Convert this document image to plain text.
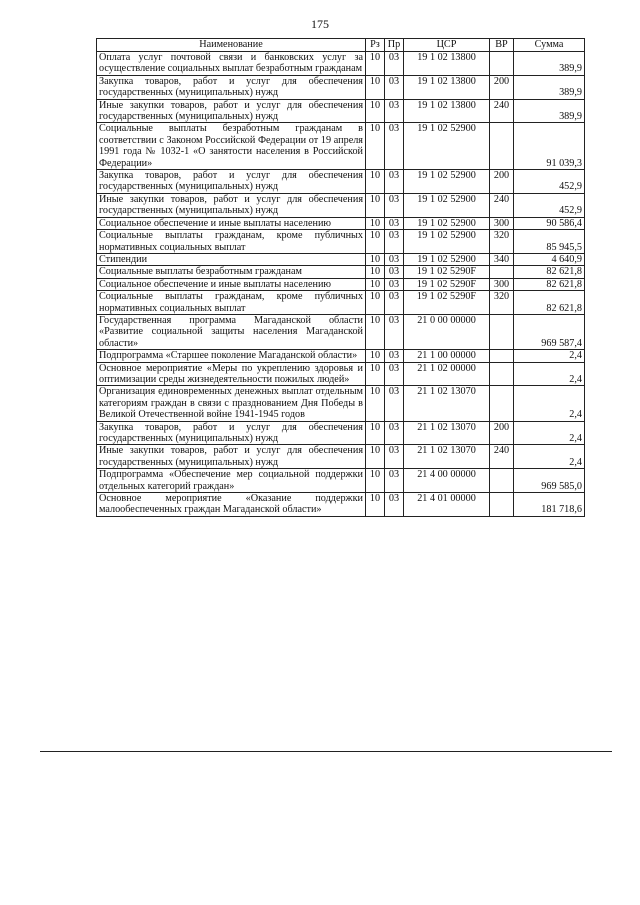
175
Наименование	Рз	Пр	ЦСР	ВР	Сумма
Оплата услуг почтовой связи и банковских услуг за осуществление социальных выплат безработным гражданам	10	03	19 1 02 13800		389,9
Закупка товаров, работ и услуг для обеспечения государственных (муниципальных) нужд	10	03	19 1 02 13800	200	389,9
Иные закупки товаров, работ и услуг для обеспечения государственных (муниципальных) нужд	10	03	19 1 02 13800	240	389,9
Социальные выплаты безработным гражданам в соответствии с Законом Российской Федерации от 19 апреля 1991 года № 1032-1 «О занятости населения в Российской Федерации»	10	03	19 1 02 52900		91 039,3
Закупка товаров, работ и услуг для обеспечения государственных (муниципальных) нужд	10	03	19 1 02 52900	200	452,9
Иные закупки товаров, работ и услуг для обеспечения государственных (муниципальных) нужд	10	03	19 1 02 52900	240	452,9
Социальное обеспечение и иные выплаты населению	10	03	19 1 02 52900	300	90 586,4
Социальные выплаты гражданам, кроме публичных нормативных социальных выплат	10	03	19 1 02 52900	320	85 945,5
Стипендии	10	03	19 1 02 52900	340	4 640,9
Социальные выплаты безработным гражданам	10	03	19 1 02 5290F		82 621,8
Социальное обеспечение и иные выплаты населению	10	03	19 1 02 5290F	300	82 621,8
Социальные выплаты гражданам, кроме публичных нормативных социальных выплат	10	03	19 1 02 5290F	320	82 621,8
Государственная программа Магаданской области «Развитие социальной защиты населения Магаданской области»	10	03	21 0 00 00000		969 587,4
Подпрограмма «Старшее поколение Магаданской области»	10	03	21 1 00 00000		2,4
Основное мероприятие «Меры по укреплению здоровья и оптимизации среды жизнедеятельности пожилых людей»	10	03	21 1 02 00000		2,4
Организация единовременных денежных выплат отдельным категориям граждан в связи с празднованием Дня Победы в Великой Отечественной войне 1941-1945 годов	10	03	21 1 02 13070		2,4
Закупка товаров, работ и услуг для обеспечения государственных (муниципальных) нужд	10	03	21 1 02 13070	200	2,4
Иные закупки товаров, работ и услуг для обеспечения государственных (муниципальных) нужд	10	03	21 1 02 13070	240	2,4
Подпрограмма «Обеспечение мер социальной поддержки отдельных категорий граждан»	10	03	21 4 00 00000		969 585,0
Основное мероприятие «Оказание поддержки малообеспеченных граждан Магаданской области»	10	03	21 4 01 00000		181 718,6
